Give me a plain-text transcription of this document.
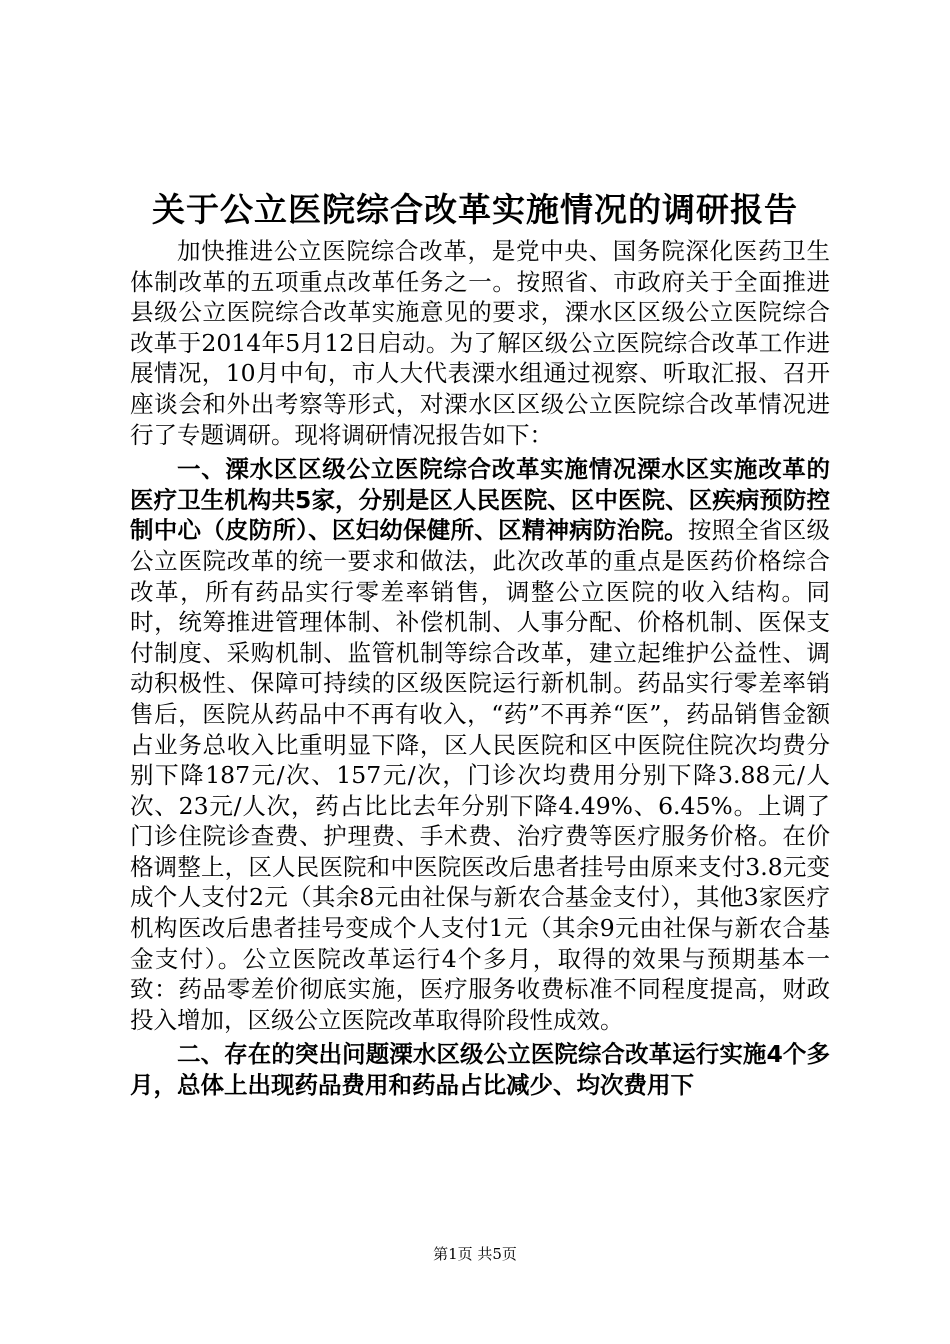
关于公立医院综合改革实施情况的调研报告

加快推进公立医院综合改革，是党中央、国务院深化医药卫生体制改革的五项重点改革任务之一。按照省、市政府关于全面推进县级公立医院综合改革实施意见的要求，溧水区区级公立医院综合改革于2014年5月12日启动。为了解区级公立医院综合改革工作进展情况，10月中旬，市人大代表溧水组通过视察、听取汇报、召开座谈会和外出考察等形式，对溧水区区级公立医院综合改革情况进行了专题调研。现将调研情况报告如下：

一、溧水区区级公立医院综合改革实施情况溧水区实施改革的医疗卫生机构共5家，分别是区人民医院、区中医院、区疾病预防控制中心（皮防所）、区妇幼保健所、区精神病防治院。按照全省区级公立医院改革的统一要求和做法，此次改革的重点是医药价格综合改革，所有药品实行零差率销售，调整公立医院的收入结构。同时，统筹推进管理体制、补偿机制、人事分配、价格机制、医保支付制度、采购机制、监管机制等综合改革，建立起维护公益性、调动积极性、保障可持续的区级医院运行新机制。药品实行零差率销售后，医院从药品中不再有收入，“药”不再养“医”，药品销售金额占业务总收入比重明显下降，区人民医院和区中医院住院次均费分别下降187元/次、157元/次，门诊次均费用分别下降3.88元/人次、23元/人次，药占比比去年分别下降4.49%、6.45%。上调了门诊住院诊查费、护理费、手术费、治疗费等医疗服务价格。在价格调整上，区人民医院和中医院医改后患者挂号由原来支付3.8元变成个人支付2元（其余8元由社保与新农合基金支付），其他3家医疗机构医改后患者挂号变成个人支付1元（其余9元由社保与新农合基金支付）。公立医院改革运行4个多月，取得的效果与预期基本一致：药品零差价彻底实施，医疗服务收费标准不同程度提高，财政投入增加，区级公立医院改革取得阶段性成效。

二、存在的突出问题溧水区级公立医院综合改革运行实施4个多月，总体上出现药品费用和药品占比减少、均次费用下

第1页 共5页
